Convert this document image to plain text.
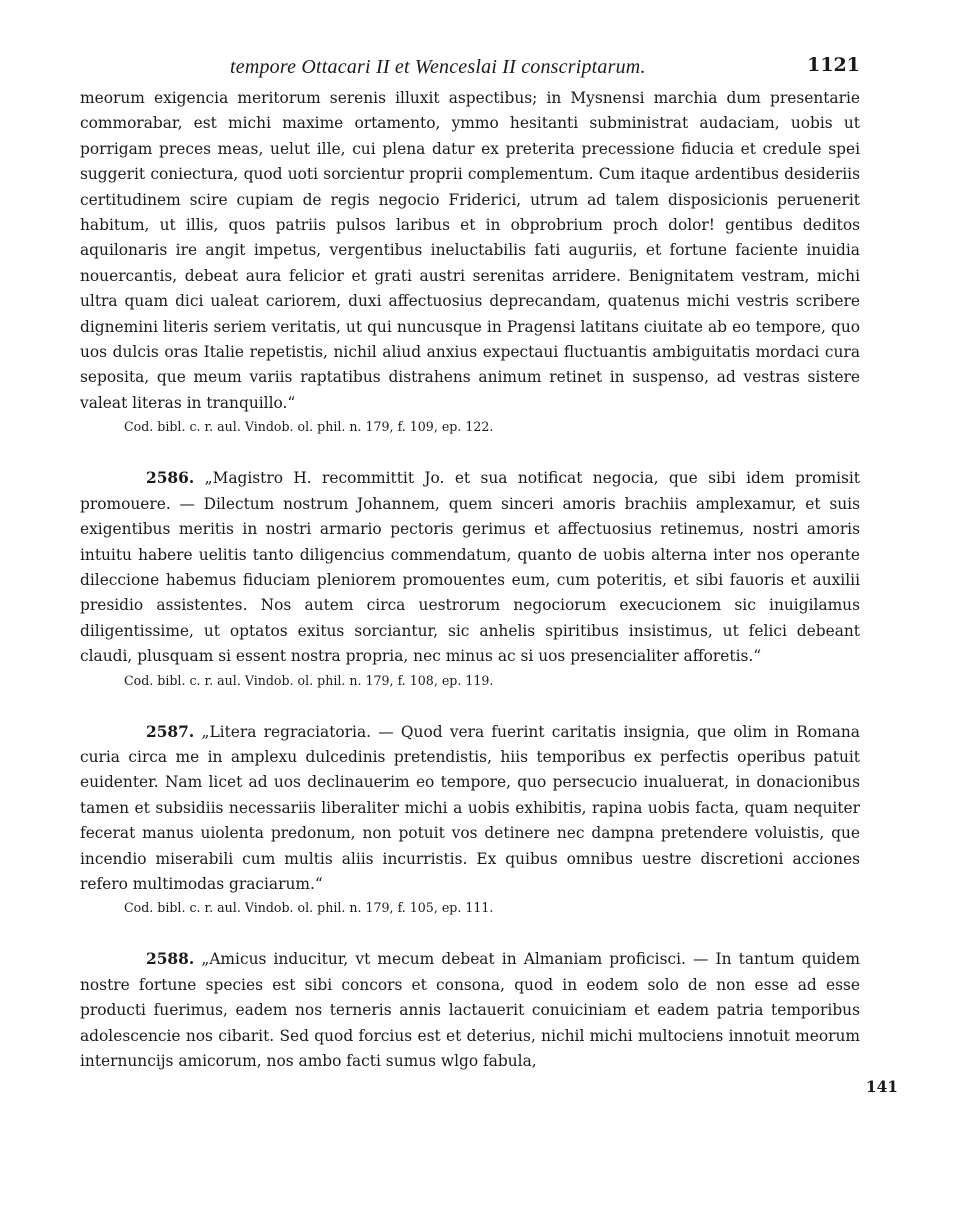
tempore Ottacari II et Wenceslai II conscriptarum.	1121

meorum exigencia meritorum serenis illuxit aspectibus; in Mysnensi marchia dum presentarie commorabar, est michi maxime ortamento, ymmo hesitanti subministrat audaciam, uobis ut porrigam preces meas, uelut ille, cui plena datur ex preterita precessione fiducia et credule spei suggerit coniectura, quod uoti sorcientur proprii complementum. Cum itaque ardentibus desideriis certitudinem scire cupiam de regis negocio Friderici, utrum ad talem disposicionis peruenerit habitum, ut illis, quos patriis pulsos laribus et in obprobrium proch dolor! gentibus deditos aquilonaris ire angit impetus, vergentibus ineluctabilis fati auguriis, et fortune faciente inuidia nouercantis, debeat aura felicior et grati austri serenitas arridere. Benignitatem vestram, michi ultra quam dici ualeat cariorem, duxi affectuosius deprecandam, quatenus michi vestris scribere dignemini literis seriem veritatis, ut qui nuncusque in Pragensi latitans ciuitate ab eo tempore, quo uos dulcis oras Italie repetistis, nichil aliud anxius expectaui fluctuantis ambiguitatis mordaci cura seposita, que meum variis raptatibus distrahens animum retinet in suspenso, ad vestras sistere valeat literas in tranquillo.“

Cod. bibl. c. r. aul. Vindob. ol. phil. n. 179, f. 109, ep. 122.

2586. „Magistro H. recommittit Jo. et sua notificat negocia, que sibi idem promisit promouere. — Dilectum nostrum Johannem, quem sinceri amoris brachiis amplexamur, et suis exigentibus meritis in nostri armario pectoris gerimus et affectuosius retinemus, nostri amoris intuitu habere uelitis tanto diligencius commendatum, quanto de uobis alterna inter nos operante dileccione habemus fiduciam pleniorem promouentes eum, cum poteritis, et sibi fauoris et auxilii presidio assistentes. Nos autem circa uestrorum negociorum execucionem sic inuigilamus diligentissime, ut optatos exitus sorciantur, sic anhelis spiritibus insistimus, ut felici debeant claudi, plusquam si essent nostra propria, nec minus ac si uos presencialiter afforetis.“

Cod. bibl. c. r. aul. Vindob. ol. phil. n. 179, f. 108, ep. 119.

2587. „Litera regraciatoria. — Quod vera fuerint caritatis insignia, que olim in Romana curia circa me in amplexu dulcedinis pretendistis, hiis temporibus ex perfectis operibus patuit euidenter. Nam licet ad uos declinauerim eo tempore, quo persecucio inualuerat, in donacionibus tamen et subsidiis necessariis liberaliter michi a uobis exhibitis, rapina uobis facta, quam nequiter fecerat manus uiolenta predonum, non potuit vos detinere nec dampna pretendere voluistis, que incendio miserabili cum multis aliis incurristis. Ex quibus omnibus uestre discretioni acciones refero multimodas graciarum.“

Cod. bibl. c. r. aul. Vindob. ol. phil. n. 179, f. 105, ep. 111.

2588. „Amicus inducitur, vt mecum debeat in Almaniam proficisci. — In tantum quidem nostre fortune species est sibi concors et consona, quod in eodem solo de non esse ad esse producti fuerimus, eadem nos terneris annis lactauerit conuiciniam et eadem patria temporibus adolescencie nos cibarit. Sed quod forcius est et deterius, nichil michi multociens innotuit meorum internuncijs amicorum, nos ambo facti sumus wlgo fabula,

141
